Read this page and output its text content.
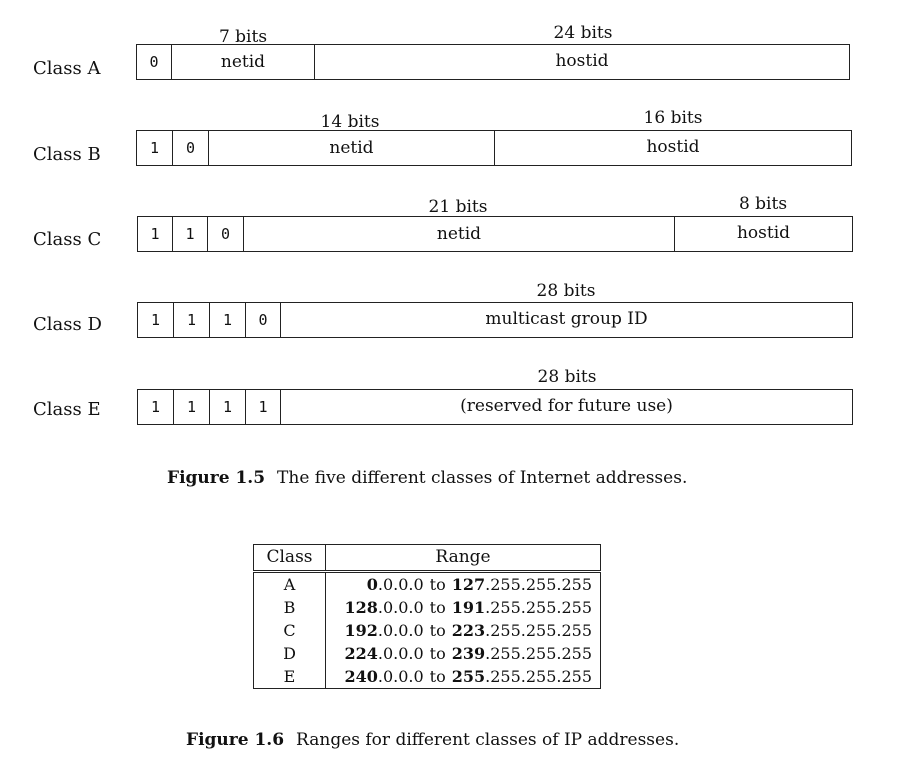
Class A
7 bits	24 bits
0	netid	hostid
Class B
14 bits	16 bits
1	0	netid	hostid
Class C
21 bits	8 bits
1	1	0	netid	hostid
Class D
28 bits
1	1	1	0	multicast group ID
Class E
28 bits
1	1	1	1	(reserved for future use)
Figure 1.5 The five different classes of Internet addresses.
Class	Range
A	0.0.0.0 to 127.255.255.255
B	128.0.0.0 to 191.255.255.255
C	192.0.0.0 to 223.255.255.255
D	224.0.0.0 to 239.255.255.255
E	240.0.0.0 to 255.255.255.255
Figure 1.6 Ranges for different classes of IP addresses.
